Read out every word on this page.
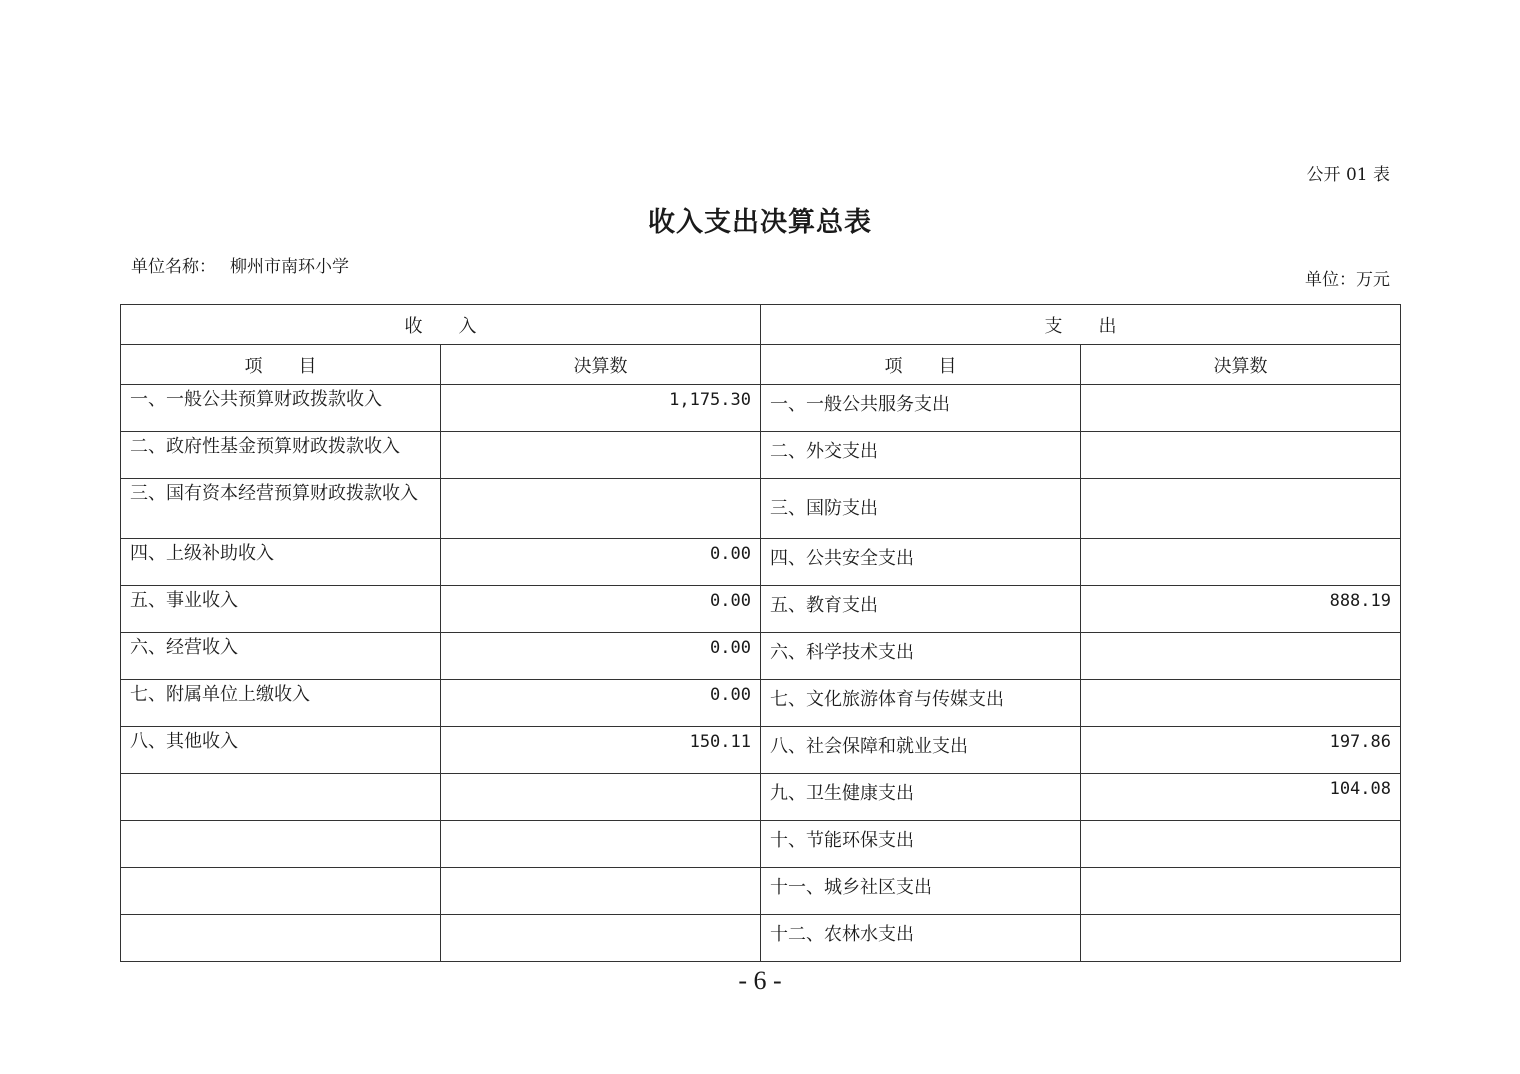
公开 01 表
收入支出决算总表
单位名称： 柳州市南环小学
单位：万元
收　　入		支　　出	
项　　目	决算数	项　　目	决算数
一、一般公共预算财政拨款收入	1,175.30	一、一般公共服务支出	
二、政府性基金预算财政拨款收入		二、外交支出	
三、国有资本经营预算财政拨款收入		三、国防支出	
四、上级补助收入	0.00	四、公共安全支出	
五、事业收入	0.00	五、教育支出	888.19
六、经营收入	0.00	六、科学技术支出	
七、附属单位上缴收入	0.00	七、文化旅游体育与传媒支出	
八、其他收入	150.11	八、社会保障和就业支出	197.86
		九、卫生健康支出	104.08
		十、节能环保支出	
		十一、城乡社区支出	
		十二、农林水支出	
- 6 -
